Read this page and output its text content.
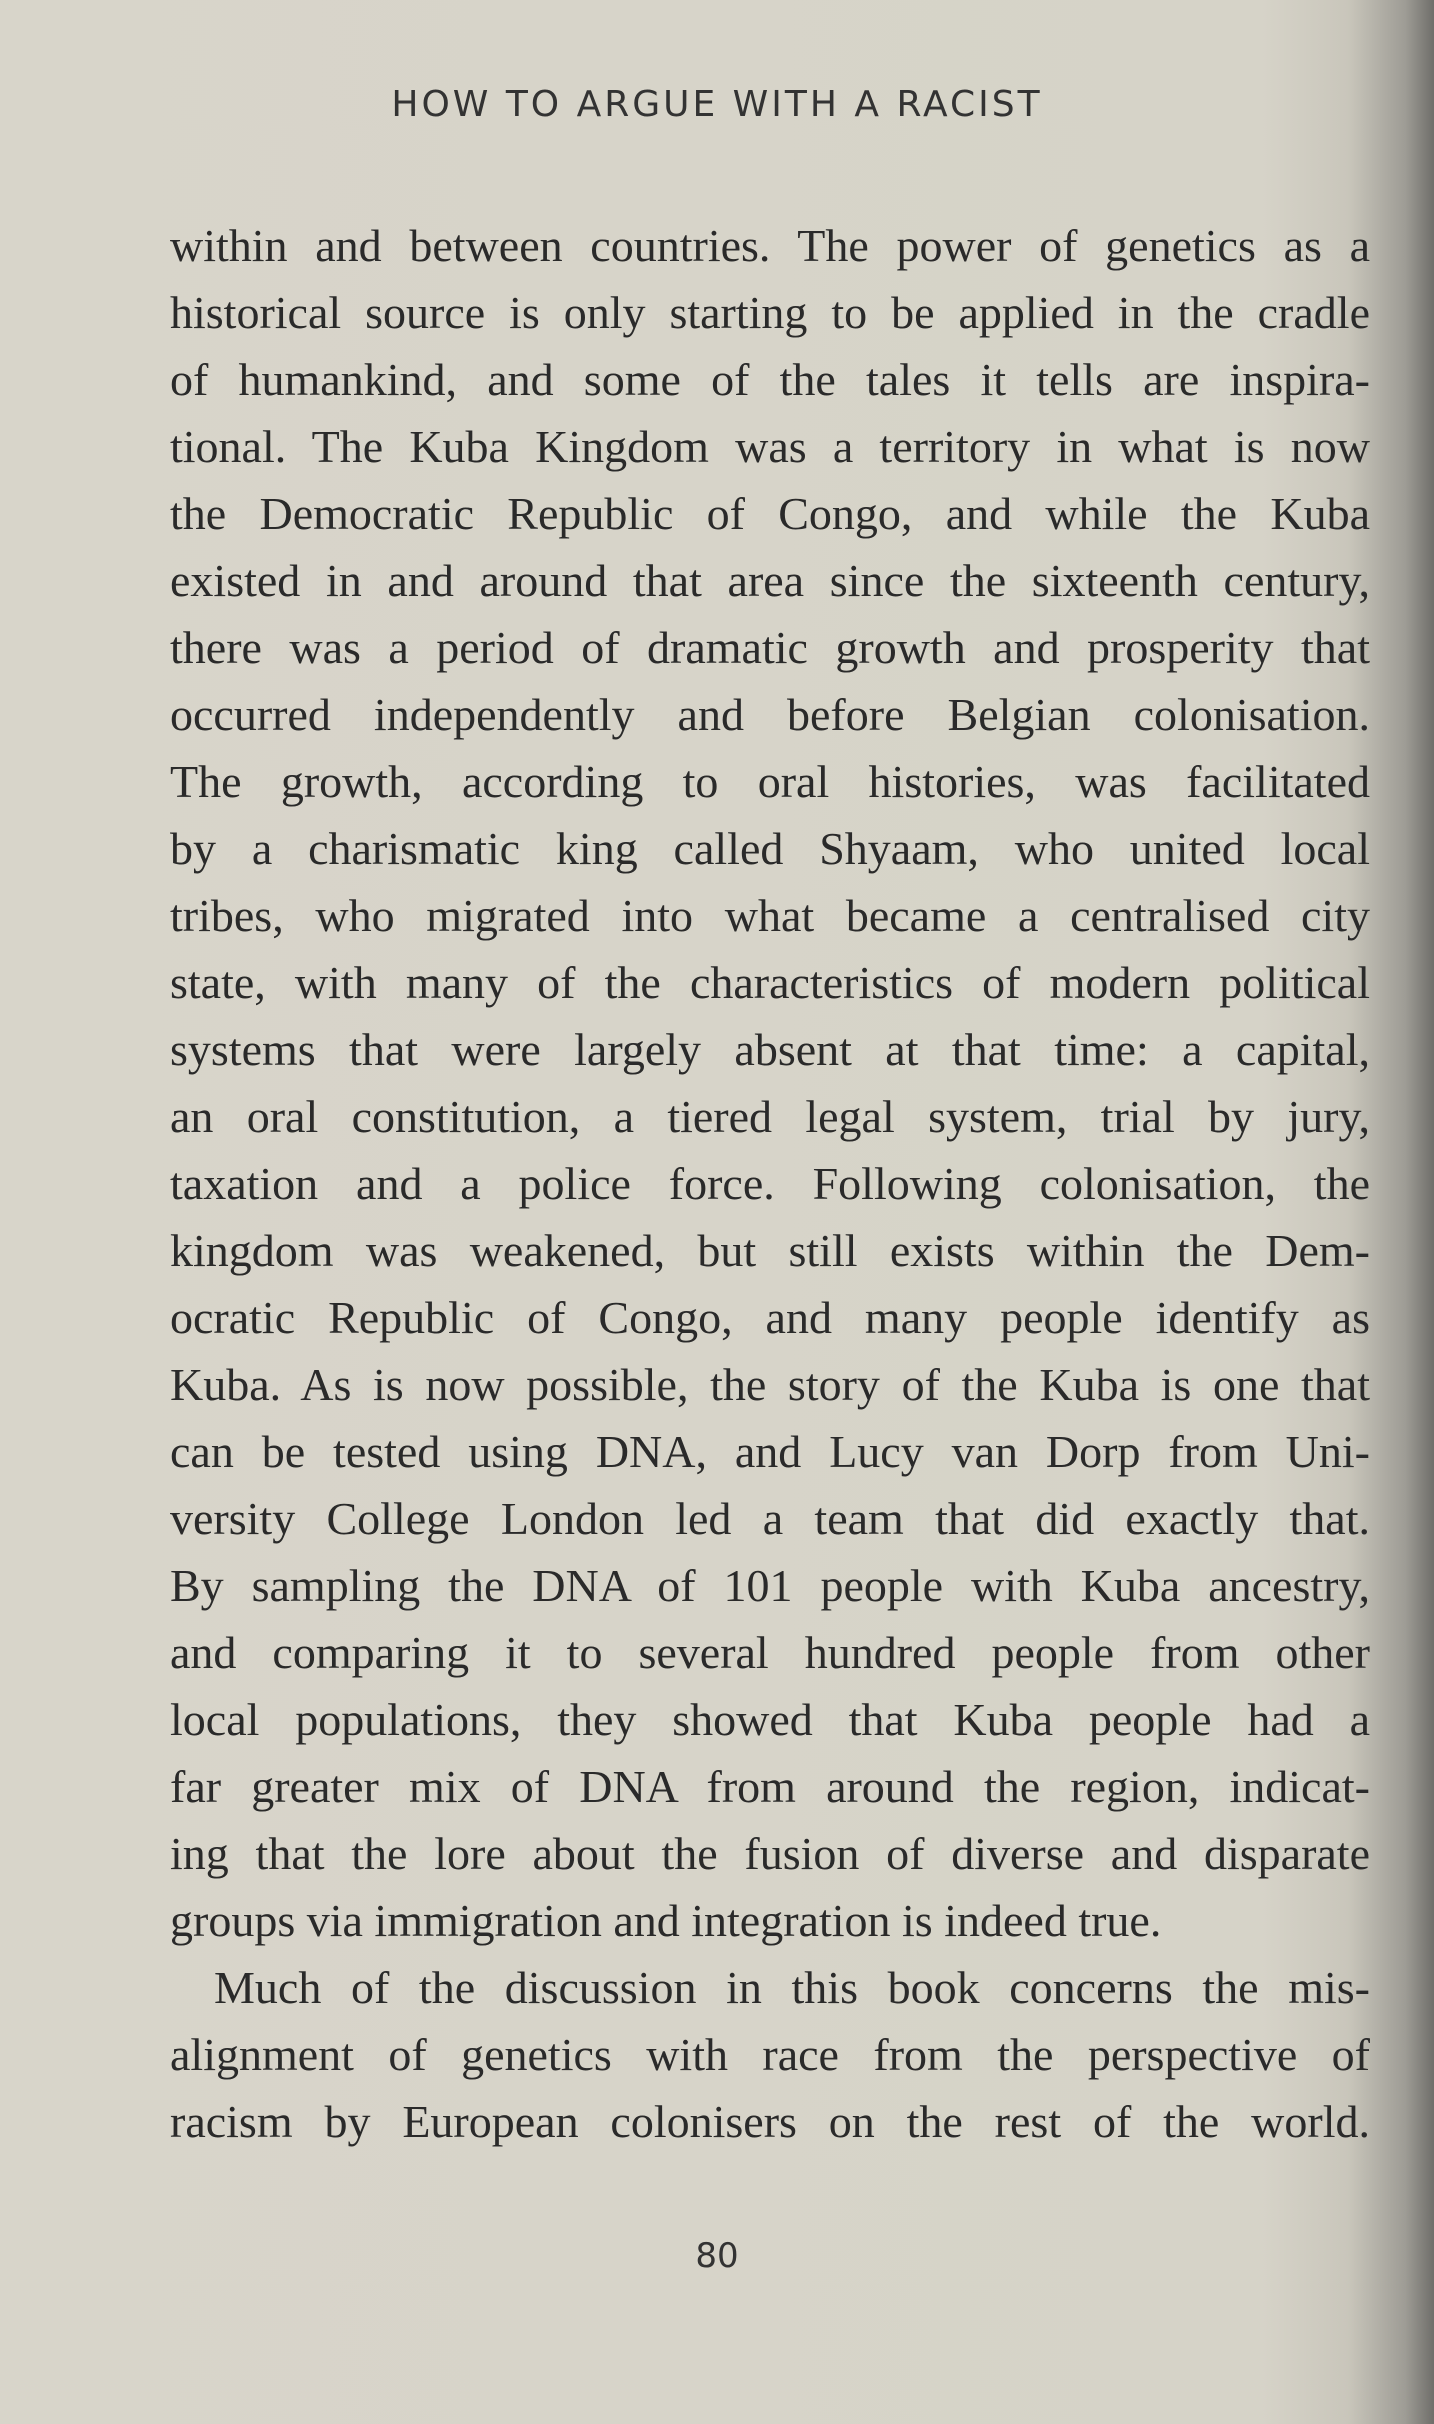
HOW TO ARGUE WITH A RACIST
within and between countries. The power of genetics as a
historical source is only starting to be applied in the cradle
of humankind, and some of the tales it tells are inspira-
tional. The Kuba Kingdom was a territory in what is now
the Democratic Republic of Congo, and while the Kuba
existed in and around that area since the sixteenth century,
there was a period of dramatic growth and prosperity that
occurred independently and before Belgian colonisation.
The growth, according to oral histories, was facilitated
by a charismatic king called Shyaam, who united local
tribes, who migrated into what became a centralised city
state, with many of the characteristics of modern political
systems that were largely absent at that time: a capital,
an oral constitution, a tiered legal system, trial by jury,
taxation and a police force. Following colonisation, the
kingdom was weakened, but still exists within the Dem-
ocratic Republic of Congo, and many people identify as
Kuba. As is now possible, the story of the Kuba is one that
can be tested using DNA, and Lucy van Dorp from Uni-
versity College London led a team that did exactly that.
By sampling the DNA of 101 people with Kuba ancestry,
and comparing it to several hundred people from other
local populations, they showed that Kuba people had a
far greater mix of DNA from around the region, indicat-
ing that the lore about the fusion of diverse and disparate
groups via immigration and integration is indeed true.
Much of the discussion in this book concerns the mis-
alignment of genetics with race from the perspective of
racism by European colonisers on the rest of the world.
80
